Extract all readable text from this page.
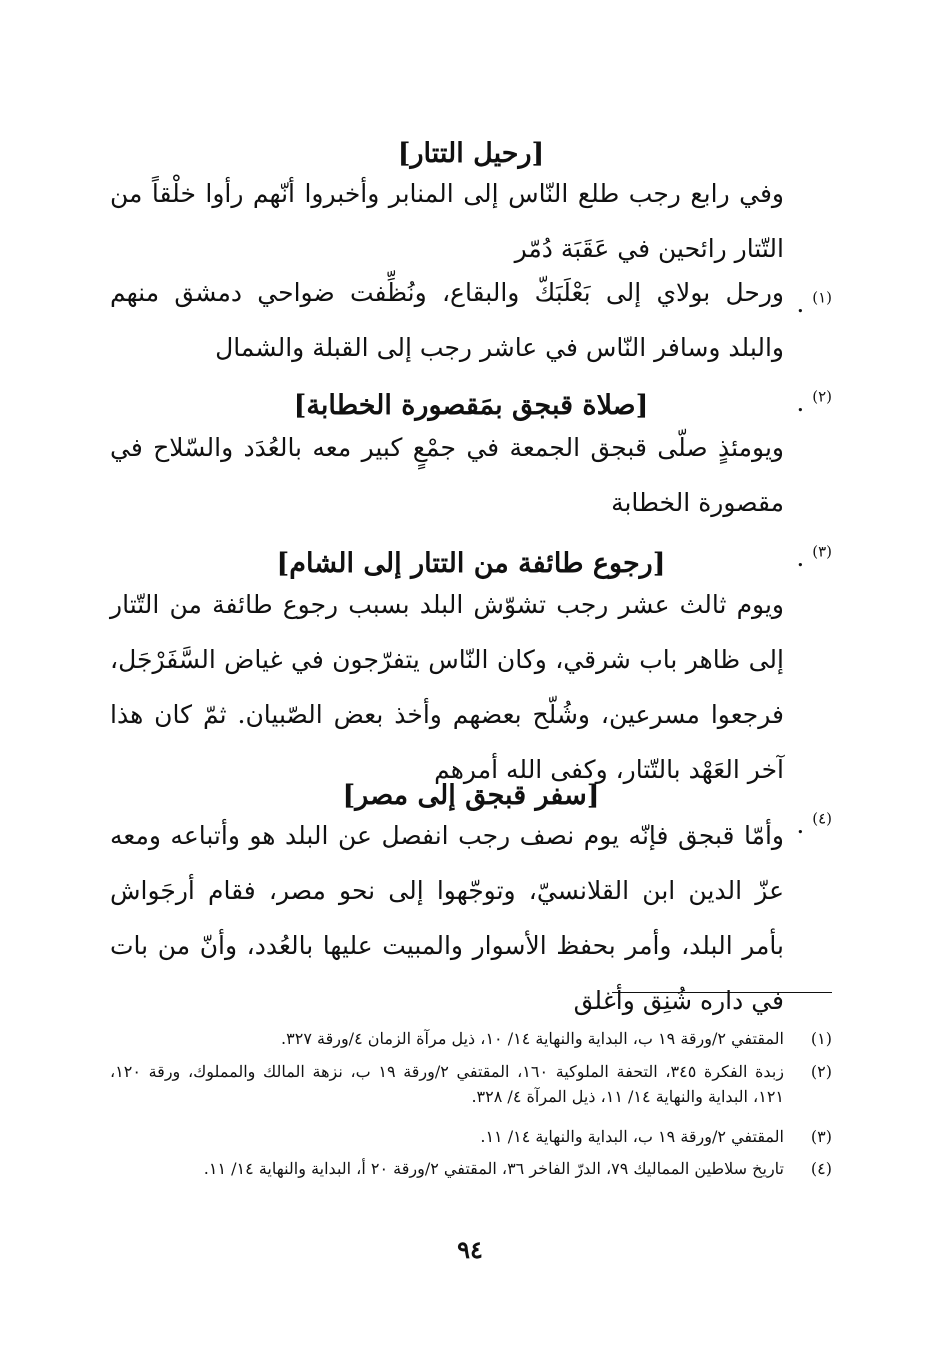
[رحيل التتار]
وفي رابع رجب طلع النّاس إلى المنابر وأخبروا أنّهم رأوا خلْقاً من التّتار رائحين في عَقَبَة دُمّر$^{(١)}$ .
ورحل بولاي إلى بَعْلَبَكّ والبقاع، ونُظِّفت ضواحي دمشق منهم والبلد وسافر النّاس في عاشر رجب إلى القبلة والشمال$^{(٢)}$ .
[صلاة قبجق بمَقصورة الخطابة]
ويومئذٍ صلّى قبجق الجمعة في جمْعٍ كبير معه بالعُدَد والسّلاح في مقصورة الخطابة$^{(٣)}$ .
[رجوع طائفة من التتار إلى الشام]
ويوم ثالث عشر رجب تشوّش البلد بسبب رجوع طائفة من التّتار إلى ظاهر باب شرقي، وكان النّاس يتفرّجون في غياض السَّفَرْجَل، فرجعوا مسرعين، وشُلّح بعضهم وأخذ بعض الصّبيان. ثمّ كان هذا آخر العَهْد بالتّتار، وكفى الله أمرهم$^{(٤)}$ .
[سفر قبجق إلى مصر]
وأمّا قبجق فإنّه يوم نصف رجب انفصل عن البلد هو وأتباعه ومعه عزّ الدين ابن القلانسيّ، وتوجّهوا إلى نحو مصر، فقام أرجَواش بأمر البلد، وأمر بحفظ الأسوار والمبيت عليها بالعُدد، وأنّ من بات في داره شُنِق وأغلق
(١)
المقتفي ٢/ورقة ١٩ ب، البداية والنهاية ١٤/ ١٠، ذيل مرآة الزمان ٤/ورقة ٣٢٧.
(٢)
زبدة الفكرة ٣٤٥، التحفة الملوكية ١٦٠، المقتفي ٢/ورقة ١٩ ب، نزهة المالك والمملوك، ورقة ١٢٠، ١٢١، البداية والنهاية ١٤/ ١١، ذيل المرآة ٤/ ٣٢٨.
(٣)
المقتفي ٢/ورقة ١٩ ب، البداية والنهاية ١٤/ ١١.
(٤)
تاريخ سلاطين المماليك ٧٩، الدرّ الفاخر ٣٦، المقتفي ٢/ورقة ٢٠ أ، البداية والنهاية ١٤/ ١١.
٩٤
